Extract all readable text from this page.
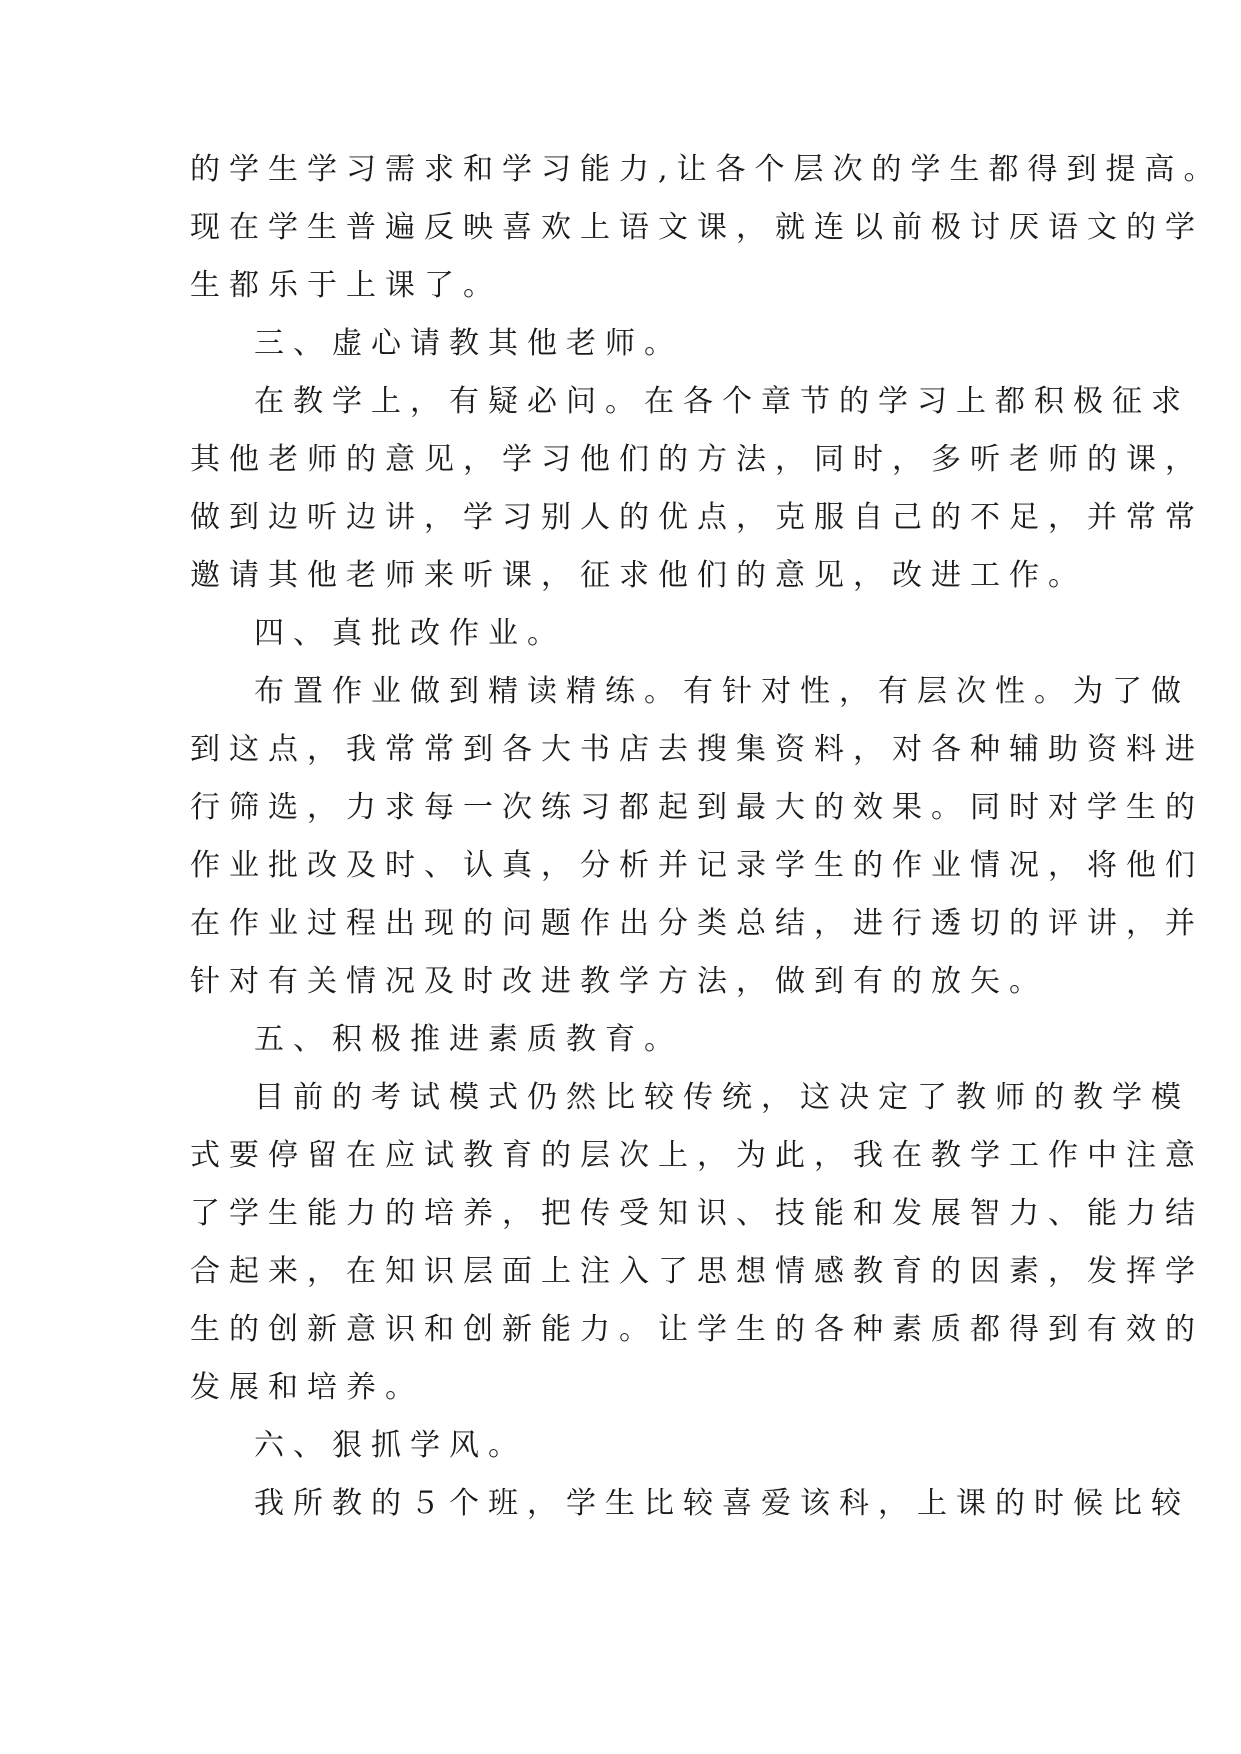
的学生学习需求和学习能力,让各个层次的学生都得到提高。
现在学生普遍反映喜欢上语文课，就连以前极讨厌语文的学
生都乐于上课了。
三、虚心请教其他老师。
在教学上，有疑必问。在各个章节的学习上都积极征求
其他老师的意见，学习他们的方法，同时，多听老师的课，
做到边听边讲，学习别人的优点，克服自己的不足，并常常
邀请其他老师来听课，征求他们的意见，改进工作。
四、真批改作业。
布置作业做到精读精练。有针对性，有层次性。为了做
到这点，我常常到各大书店去搜集资料，对各种辅助资料进
行筛选，力求每一次练习都起到最大的效果。同时对学生的
作业批改及时、认真，分析并记录学生的作业情况，将他们
在作业过程出现的问题作出分类总结，进行透切的评讲，并
针对有关情况及时改进教学方法，做到有的放矢。
五、积极推进素质教育。
目前的考试模式仍然比较传统，这决定了教师的教学模
式要停留在应试教育的层次上，为此，我在教学工作中注意
了学生能力的培养，把传受知识、技能和发展智力、能力结
合起来，在知识层面上注入了思想情感教育的因素，发挥学
生的创新意识和创新能力。让学生的各种素质都得到有效的
发展和培养。
六、狠抓学风。
我所教的５个班，学生比较喜爱该科，上课的时候比较
